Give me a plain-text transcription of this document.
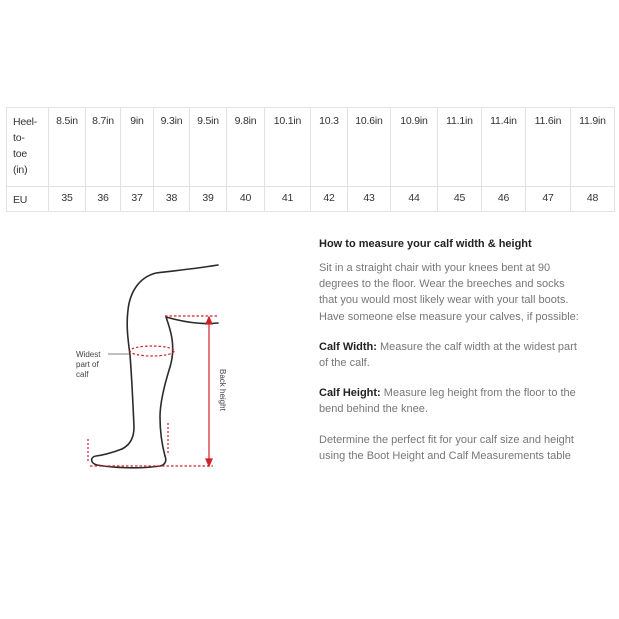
Heel-
to-
toe
(in)	8.5in	8.7in	9in	9.3in	9.5in	9.8in	10.1in	10.3	10.6in	10.9in	11.1in	11.4in	11.6in	11.9in
EU	35	36	37	38	39	40	41	42	43	44	45	46	47	48
Widest part of calf	Back height
How to measure your calf width & height

Sit in a straight chair with your knees bent at 90 degrees to the floor. Wear the breeches and socks that you would most likely wear with your tall boots. Have someone else measure your calves, if possible:

Calf Width: Measure the calf width at the widest part of the calf.

Calf Height: Measure leg height from the floor to the bend behind the knee.

Determine the perfect fit for your calf size and height using the Boot Height and Calf Measurements table
